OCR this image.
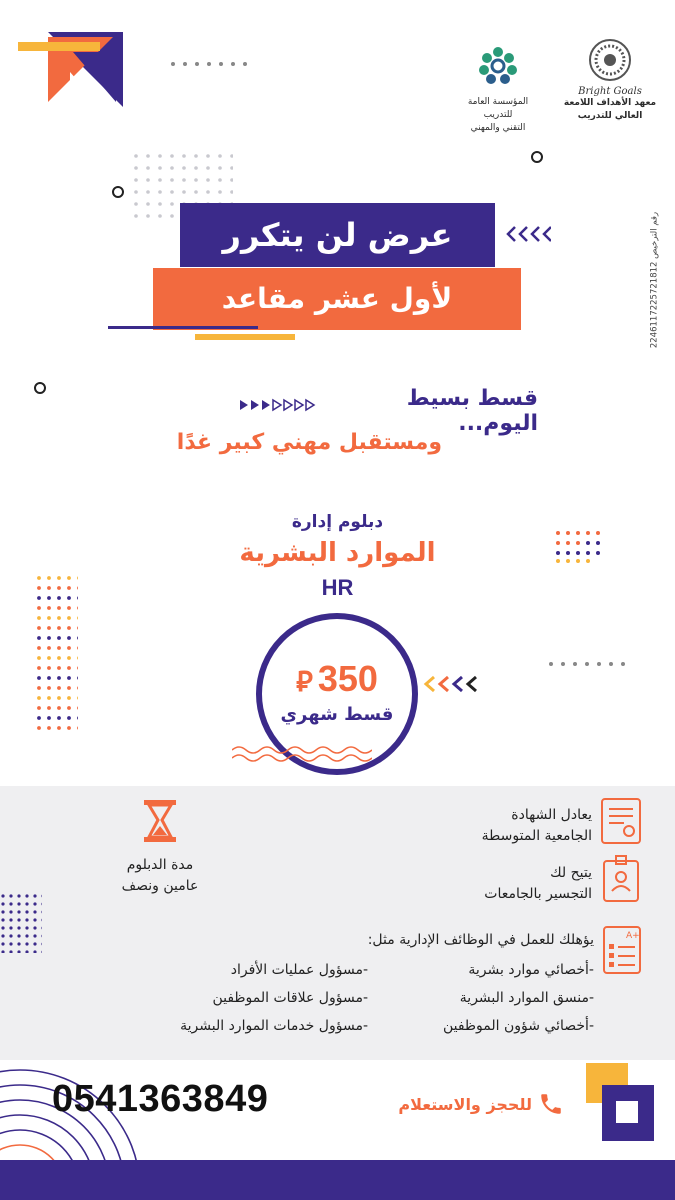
المؤسسة العامة للتدريب
التقني والمهني
Bright Goals
معهد الأهداف اللامعة
العالي للتدريب
رقم الترخيص 2246117225721812
عرض لن يتكرر
لأول عشر مقاعد
قسط بسيط اليوم...
ومستقبل مهني كبير غدًا
دبلوم إدارة
الموارد البشرية
HR
350 ⃁
قسط شهري
مدة الدبلوم
عامين ونصف
يعادل الشهادة
الجامعية المتوسطة
يتيح لك
التجسير بالجامعات
A+
يؤهلك للعمل في الوظائف الإدارية مثل:
-أخصائي موارد بشرية
-منسق الموارد البشرية
-أخصائي شؤون الموظفين
-مسؤول عمليات الأفراد
-مسؤول علاقات الموظفين
-مسؤول خدمات الموارد البشرية
0541363849	للحجز والاستعلام
